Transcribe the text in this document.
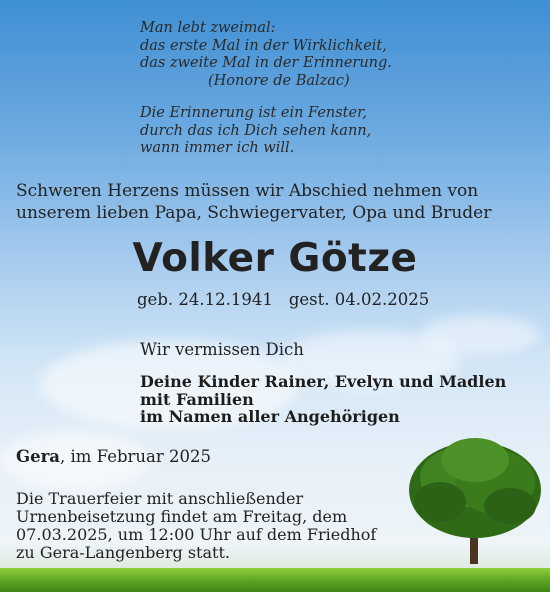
Man lebt zweimal:
das erste Mal in der Wirklichkeit,
das zweite Mal in der Erinnerung.
(Honore de Balzac)
Die Erinnerung ist ein Fenster,
durch das ich Dich sehen kann,
wann immer ich will.
Schweren Herzens müssen wir Abschied nehmen von
unserem lieben Papa, Schwiegervater, Opa und Bruder
Volker Götze
geb. 24.12.1941 gest. 04.02.2025
Wir vermissen Dich
Deine Kinder Rainer, Evelyn und Madlen
mit Familien
im Namen aller Angehörigen
Gera, im Februar 2025
Die Trauerfeier mit anschließender
Urnenbeisetzung findet am Freitag, dem
07.03.2025, um 12:00 Uhr auf dem Friedhof
zu Gera-Langenberg statt.
